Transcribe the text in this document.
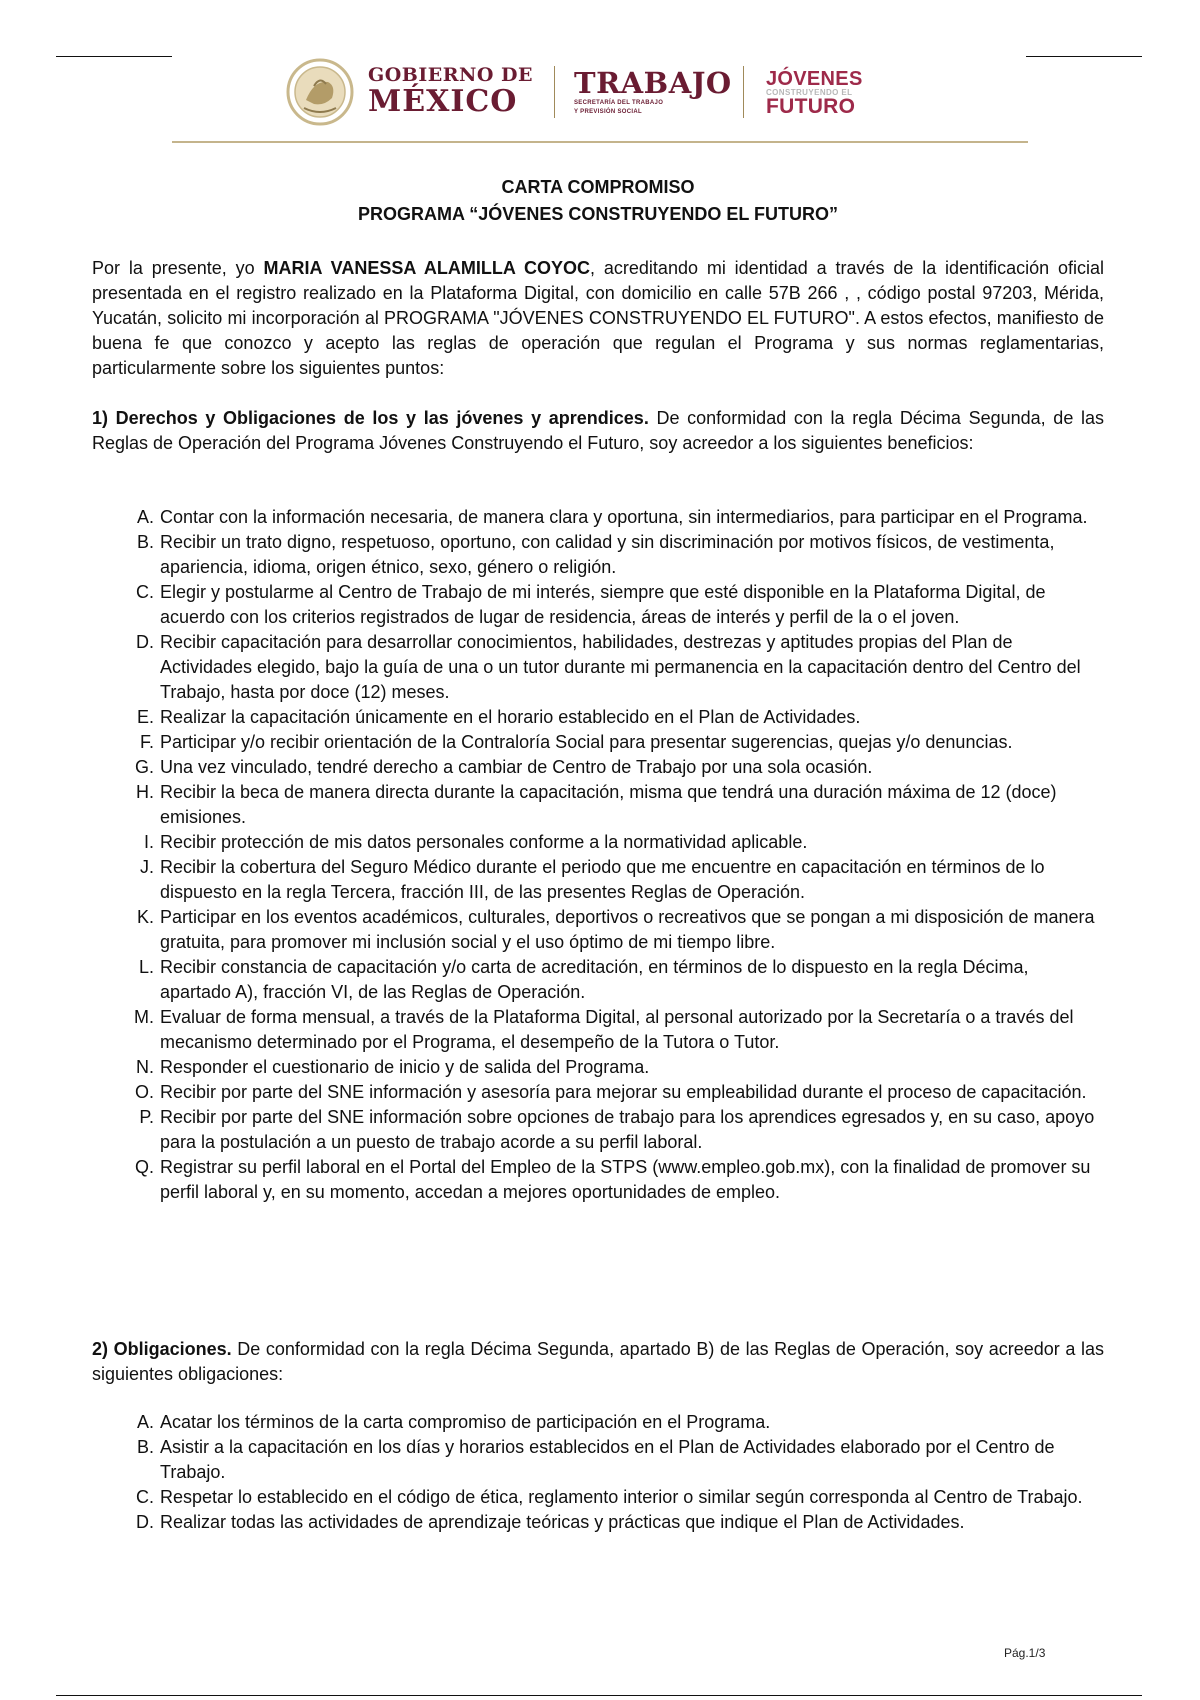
GOBIERNO DE
MÉXICO
TRABAJO
SECRETARÍA DEL TRABAJO
Y PREVISIÓN SOCIAL
JÓVENES
CONSTRUYENDO EL
FUTURO
CARTA COMPROMISO
PROGRAMA “JÓVENES CONSTRUYENDO EL FUTURO”

Por la presente, yo MARIA VANESSA ALAMILLA COYOC, acreditando mi identidad a través de la identificación oficial presentada en el registro realizado en la Plataforma Digital, con domicilio en calle 57B 266 , , código postal 97203, Mérida, Yucatán, solicito mi incorporación al PROGRAMA "JÓVENES CONSTRUYENDO EL FUTURO". A estos efectos, manifiesto de buena fe que conozco y acepto las reglas de operación que regulan el Programa y sus normas reglamentarias, particularmente sobre los siguientes puntos:

1) Derechos y Obligaciones de los y las jóvenes y aprendices. De conformidad con la regla Décima Segunda, de las Reglas de Operación del Programa Jóvenes Construyendo el Futuro, soy acreedor a los siguientes beneficios:

A. Contar con la información necesaria, de manera clara y oportuna, sin intermediarios, para participar en el Programa.
B. Recibir un trato digno, respetuoso, oportuno, con calidad y sin discriminación por motivos físicos, de vestimenta, apariencia, idioma, origen étnico, sexo, género o religión.
C. Elegir y postularme al Centro de Trabajo de mi interés, siempre que esté disponible en la Plataforma Digital, de acuerdo con los criterios registrados de lugar de residencia, áreas de interés y perfil de la o el joven.
D. Recibir capacitación para desarrollar conocimientos, habilidades, destrezas y aptitudes propias del Plan de Actividades elegido, bajo la guía de una o un tutor durante mi permanencia en la capacitación dentro del Centro del Trabajo, hasta por doce (12) meses.
E. Realizar la capacitación únicamente en el horario establecido en el Plan de Actividades.
F. Participar y/o recibir orientación de la Contraloría Social para presentar sugerencias, quejas y/o denuncias.
G. Una vez vinculado, tendré derecho a cambiar de Centro de Trabajo por una sola ocasión.
H. Recibir la beca de manera directa durante la capacitación, misma que tendrá una duración máxima de 12 (doce) emisiones.
I. Recibir protección de mis datos personales conforme a la normatividad aplicable.
J. Recibir la cobertura del Seguro Médico durante el periodo que me encuentre en capacitación en términos de lo dispuesto en la regla Tercera, fracción III, de las presentes Reglas de Operación.
K. Participar en los eventos académicos, culturales, deportivos o recreativos que se pongan a mi disposición de manera gratuita, para promover mi inclusión social y el uso óptimo de mi tiempo libre.
L. Recibir constancia de capacitación y/o carta de acreditación, en términos de lo dispuesto en la regla Décima, apartado A), fracción VI, de las Reglas de Operación.
M. Evaluar de forma mensual, a través de la Plataforma Digital, al personal autorizado por la Secretaría o a través del mecanismo determinado por el Programa, el desempeño de la Tutora o Tutor.
N. Responder el cuestionario de inicio y de salida del Programa.
O. Recibir por parte del SNE información y asesoría para mejorar su empleabilidad durante el proceso de capacitación.
P. Recibir por parte del SNE información sobre opciones de trabajo para los aprendices egresados y, en su caso, apoyo para la postulación a un puesto de trabajo acorde a su perfil laboral.
Q. Registrar su perfil laboral en el Portal del Empleo de la STPS (www.empleo.gob.mx), con la finalidad de promover su perfil laboral y, en su momento, accedan a mejores oportunidades de empleo.

2) Obligaciones. De conformidad con la regla Décima Segunda, apartado B) de las Reglas de Operación, soy acreedor a las siguientes obligaciones:

A. Acatar los términos de la carta compromiso de participación en el Programa.
B. Asistir a la capacitación en los días y horarios establecidos en el Plan de Actividades elaborado por el Centro de Trabajo.
C. Respetar lo establecido en el código de ética, reglamento interior o similar según corresponda al Centro de Trabajo.
D. Realizar todas las actividades de aprendizaje teóricas y prácticas que indique el Plan de Actividades.
Pág.1/3
